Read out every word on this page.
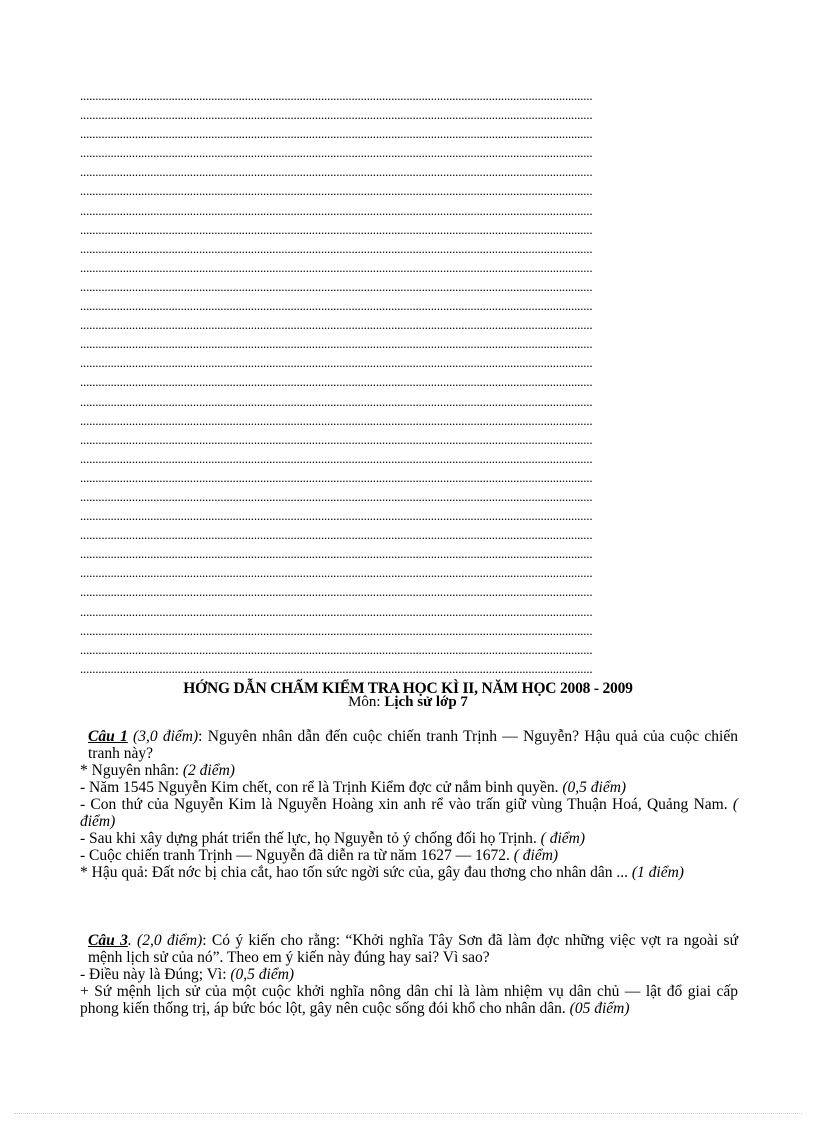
........................................................................................................................................................................
........................................................................................................................................................................
........................................................................................................................................................................
........................................................................................................................................................................
........................................................................................................................................................................
........................................................................................................................................................................
........................................................................................................................................................................
........................................................................................................................................................................
........................................................................................................................................................................
........................................................................................................................................................................
........................................................................................................................................................................
........................................................................................................................................................................
........................................................................................................................................................................
........................................................................................................................................................................
........................................................................................................................................................................
........................................................................................................................................................................
........................................................................................................................................................................
........................................................................................................................................................................
........................................................................................................................................................................
........................................................................................................................................................................
........................................................................................................................................................................
........................................................................................................................................................................
........................................................................................................................................................................
........................................................................................................................................................................
........................................................................................................................................................................
........................................................................................................................................................................
........................................................................................................................................................................
........................................................................................................................................................................
........................................................................................................................................................................
........................................................................................................................................................................
........................................................................................................................................................................
HỚNG DẪN CHẤM KIỂM TRA HỌC KÌ II, NĂM HỌC 2008 - 2009
Môn: Lịch sử lớp 7

Câu 1 (3,0 điểm): Nguyên nhân dẫn đến cuộc chiến tranh Trịnh — Nguyễn? Hậu quả của cuộc chiến tranh này?

* Nguyên nhân: (2 điểm)

- Năm 1545 Nguyễn Kim chết, con rể là Trịnh Kiểm đợc cử nắm binh quyền. (0,5 điểm)

- Con thứ của Nguyễn Kim là Nguyễn Hoàng xin anh rể vào trấn giữ vùng Thuận Hoá, Quảng Nam. ( điểm)

- Sau khi xây dựng phát triển thế lực, họ Nguyễn tỏ ý chống đối họ Trịnh. ( điểm)

- Cuộc chiến tranh Trịnh — Nguyễn đã diễn ra từ năm 1627 — 1672. ( điểm)

* Hậu quả: Đất nớc bị chia cắt, hao tốn sức ngời sức của, gây đau thơng cho nhân dân ... (1 điểm)

Câu 3. (2,0 điểm): Có ý kiến cho rằng: “Khởi nghĩa Tây Sơn đã làm đợc những việc vợt ra ngoài sứ mệnh lịch sử của nó”. Theo em ý kiến này đúng hay sai? Vì sao?

- Điều này là Đúng; Vì: (0,5 điểm)

+ Sứ mệnh lịch sử của một cuộc khởi nghĩa nông dân chỉ là làm nhiệm vụ dân chủ — lật đổ giai cấp phong kiến thống trị, áp bức bóc lột, gây nên cuộc sống đói khổ cho nhân dân. (05 điểm)
